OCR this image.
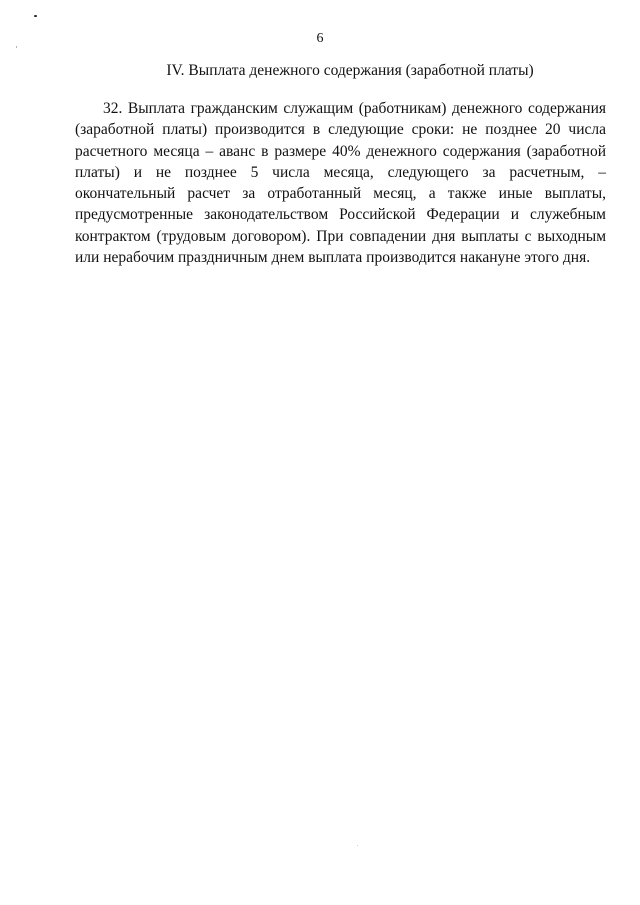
6
IV. Выплата денежного содержания (заработной платы)

32. Выплата гражданским служащим (работникам) денежного содержания (заработной платы) производится в следующие сроки: не позднее 20 числа расчетного месяца – аванс в размере 40% денежного содержания (заработной платы) и не позднее 5 числа месяца, следующего за расчетным, – окончательный расчет за отработанный месяц, а также иные выплаты, предусмотренные законодательством Российской Федерации и служебным контрактом (трудовым договором). При совпадении дня выплаты с выходным или нерабочим праздничным днем выплата производится накануне этого дня.
